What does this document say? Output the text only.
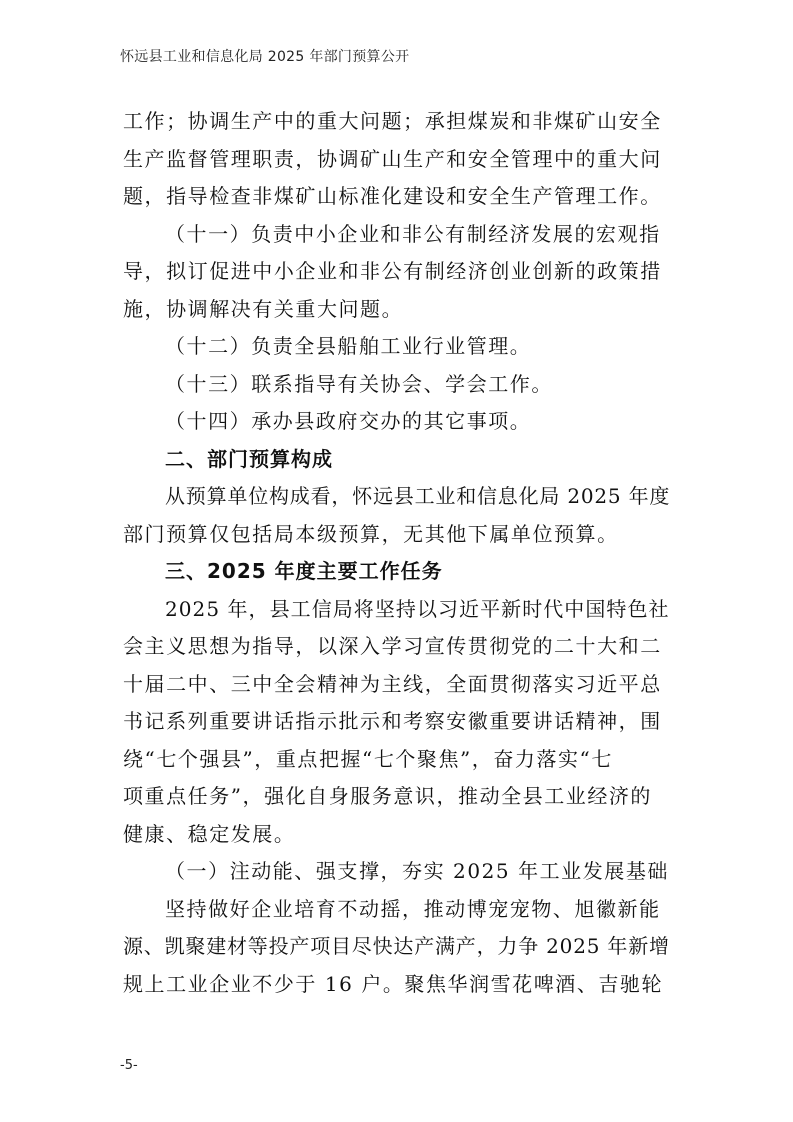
怀远县工业和信息化局 2025 年部门预算公开
工作；协调生产中的重大问题；承担煤炭和非煤矿山安全
生产监督管理职责，协调矿山生产和安全管理中的重大问
题，指导检查非煤矿山标准化建设和安全生产管理工作。
（十一）负责中小企业和非公有制经济发展的宏观指
导，拟订促进中小企业和非公有制经济创业创新的政策措
施，协调解决有关重大问题。
（十二）负责全县船舶工业行业管理。
（十三）联系指导有关协会、学会工作。
（十四）承办县政府交办的其它事项。
二、部门预算构成
从预算单位构成看，怀远县工业和信息化局 2025 年度
部门预算仅包括局本级预算，无其他下属单位预算。
三、2025 年度主要工作任务
2025 年，县工信局将坚持以习近平新时代中国特色社
会主义思想为指导，以深入学习宣传贯彻党的二十大和二
十届二中、三中全会精神为主线，全面贯彻落实习近平总
书记系列重要讲话指示批示和考察安徽重要讲话精神，围
绕“七个强县”，重点把握“七个聚焦”，奋力落实“七
项重点任务”，强化自身服务意识，推动全县工业经济的
健康、稳定发展。
（一）注动能、强支撑，夯实 2025 年工业发展基础
坚持做好企业培育不动摇，推动博宠宠物、旭徽新能
源、凯聚建材等投产项目尽快达产满产，力争 2025 年新增
规上工业企业不少于 16 户。聚焦华润雪花啤酒、吉驰轮
-5-
